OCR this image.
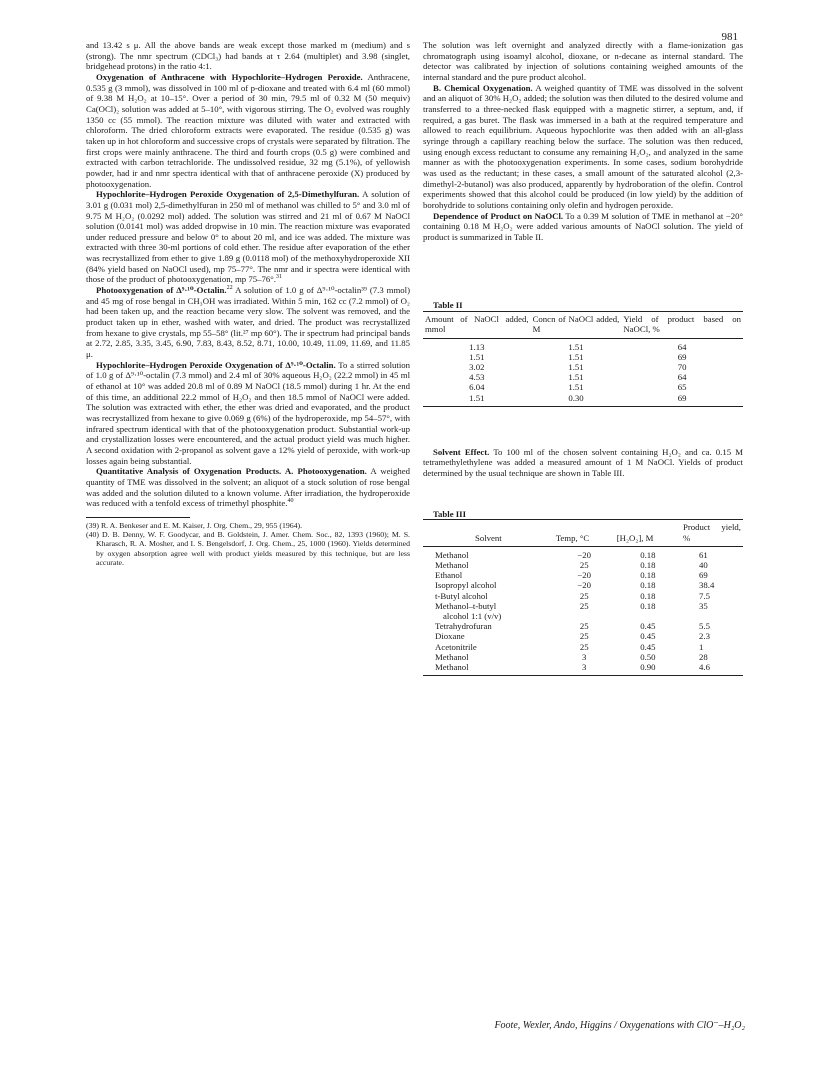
981

and 13.42 s μ. All the above bands are weak except those marked m (medium) and s (strong). The nmr spectrum (CDCl₃) had bands at τ 2.64 (multiplet) and 3.98 (singlet, bridgehead protons) in the ratio 4:1.

Oxygenation of Anthracene with Hypochlorite–Hydrogen Peroxide. Anthracene, 0.535 g (3 mmol), was dissolved in 100 ml of p-dioxane and treated with 6.4 ml (60 mmol) of 9.38 M H₂O₂ at 10–15°. Over a period of 30 min, 79.5 ml of 0.32 M (50 mequiv) Ca(OCl)₂ solution was added at 5–10°, with vigorous stirring. The O₂ evolved was roughly 1350 cc (55 mmol). The reaction mixture was diluted with water and extracted with chloroform. The dried chloroform extracts were evaporated. The residue (0.535 g) was taken up in hot chloroform and successive crops of crystals were separated by filtration. The first crops were mainly anthracene. The third and fourth crops (0.5 g) were combined and extracted with carbon tetrachloride. The undissolved residue, 32 mg (5.1%), of yellowish powder, had ir and nmr spectra identical with that of anthracene peroxide (X) produced by photooxygenation.

Hypochlorite–Hydrogen Peroxide Oxygenation of 2,5-Dimethylfuran. A solution of 3.01 g (0.031 mol) 2,5-dimethylfuran in 250 ml of methanol was chilled to 5° and 3.0 ml of 9.75 M H₂O₂ (0.0292 mol) added. The solution was stirred and 21 ml of 0.67 M NaOCl solution (0.0141 mol) was added dropwise in 10 min. The reaction mixture was evaporated under reduced pressure and below 0° to about 20 ml, and ice was added. The mixture was extracted with three 30-ml portions of cold ether. The residue after evaporation of the ether was recrystallized from ether to give 1.89 g (0.0118 mol) of the methoxyhydroperoxide XII (84% yield based on NaOCl used), mp 75–77°. The nmr and ir spectra were identical with those of the product of photooxygenation, mp 75–76°.$^{31}$

Photooxygenation of Δ⁹·¹⁰-Octalin.$^{22}$ A solution of 1.0 g of Δ⁹·¹⁰-octalin³⁹ (7.3 mmol) and 45 mg of rose bengal in CH₃OH was irradiated. Within 5 min, 162 cc (7.2 mmol) of O₂ had been taken up, and the reaction became very slow. The solvent was removed, and the product taken up in ether, washed with water, and dried. The product was recrystallized from hexane to give crystals, mp 55–58° (lit.²⁷ mp 60°). The ir spectrum had principal bands at 2.72, 2.85, 3.35, 3.45, 6.90, 7.83, 8.43, 8.52, 8.71, 10.00, 10.49, 11.09, 11.69, and 11.85 μ.

Hypochlorite–Hydrogen Peroxide Oxygenation of Δ⁹·¹⁰-Octalin. To a stirred solution of 1.0 g of Δ⁹·¹⁰-octalin (7.3 mmol) and 2.4 ml of 30% aqueous H₂O₂ (22.2 mmol) in 45 ml of ethanol at 10° was added 20.8 ml of 0.89 M NaOCl (18.5 mmol) during 1 hr. At the end of this time, an additional 22.2 mmol of H₂O₂ and then 18.5 mmol of NaOCl were added. The solution was extracted with ether, the ether was dried and evaporated, and the product was recrystallized from hexane to give 0.069 g (6%) of the hydroperoxide, mp 54–57°, with infrared spectrum identical with that of the photooxygenation product. Substantial work-up and crystallization losses were encountered, and the actual product yield was much higher. A second oxidation with 2-propanol as solvent gave a 12% yield of peroxide, with work-up losses again being substantial.

Quantitative Analysis of Oxygenation Products. A. Photooxygenation. A weighed quantity of TME was dissolved in the solvent; an aliquot of a stock solution of rose bengal was added and the solution diluted to a known volume. After irradiation, the hydroperoxide was reduced with a tenfold excess of trimethyl phosphite.$^{40}$

(39) R. A. Benkeser and E. M. Kaiser, J. Org. Chem., 29, 955 (1964).

(40) D. B. Denny, W. F. Goodycar, and B. Goldstein, J. Amer. Chem. Soc., 82, 1393 (1960); M. S. Kharasch, R. A. Mosher, and I. S. Bengelsdorf, J. Org. Chem., 25, 1000 (1960). Yields determined by oxygen absorption agree well with product yields measured by this technique, but are less accurate.

The solution was left overnight and analyzed directly with a flame-ionization gas chromatograph using isoamyl alcohol, dioxane, or n-decane as internal standard. The detector was calibrated by injection of solutions containing weighed amounts of the internal standard and the pure product alcohol.

B. Chemical Oxygenation. A weighed quantity of TME was dissolved in the solvent and an aliquot of 30% H₂O₂ added; the solution was then diluted to the desired volume and transferred to a three-necked flask equipped with a magnetic stirrer, a septum, and, if required, a gas buret. The flask was immersed in a bath at the required temperature and allowed to reach equilibrium. Aqueous hypochlorite was then added with an all-glass syringe through a capillary reaching below the surface. The solution was then reduced, using enough excess reductant to consume any remaining H₂O₂, and analyzed in the same manner as with the photooxygenation experiments. In some cases, sodium borohydride was used as the reductant; in these cases, a small amount of the saturated alcohol (2,3-dimethyl-2-butanol) was also produced, apparently by hydroboration of the olefin. Control experiments showed that this alcohol could be produced (in low yield) by the addition of borohydride to solutions containing only olefin and hydrogen peroxide.

Dependence of Product on NaOCl. To a 0.39 M solution of TME in methanol at −20° containing 0.18 M H₂O₂ were added various amounts of NaOCl solution. The yield of product is summarized in Table II.

Table II

Amount of NaOCl added, mmol	Concn of NaOCl added, M	Yield of product based on NaOCl, %
1.13	1.51	64
1.51	1.51	69
3.02	1.51	70
4.53	1.51	64
6.04	1.51	65
1.51	0.30	69

Solvent Effect. To 100 ml of the chosen solvent containing H₂O₂ and ca. 0.15 M tetramethylethylene was added a measured amount of 1 M NaOCl. Yields of product determined by the usual technique are shown in Table III.

Table III

Solvent	Temp, °C	[H₂O₂], M	Product yield, %
Methanol	−20	0.18	61
Methanol	25	0.18	40
Ethanol	−20	0.18	69
Isopropyl alcohol	−20	0.18	38.4
t-Butyl alcohol	25	0.18	7.5
Methanol–t-butyl	25	0.18	35
alcohol 1:1 (v/v)			
Tetrahydrofuran	25	0.45	5.5
Dioxane	25	0.45	2.3
Acetonitrile	25	0.45	1
Methanol	3	0.50	28
Methanol	3	0.90	4.6
Foote, Wexler, Ando, Higgins / Oxygenations with ClO⁻–H₂O₂
